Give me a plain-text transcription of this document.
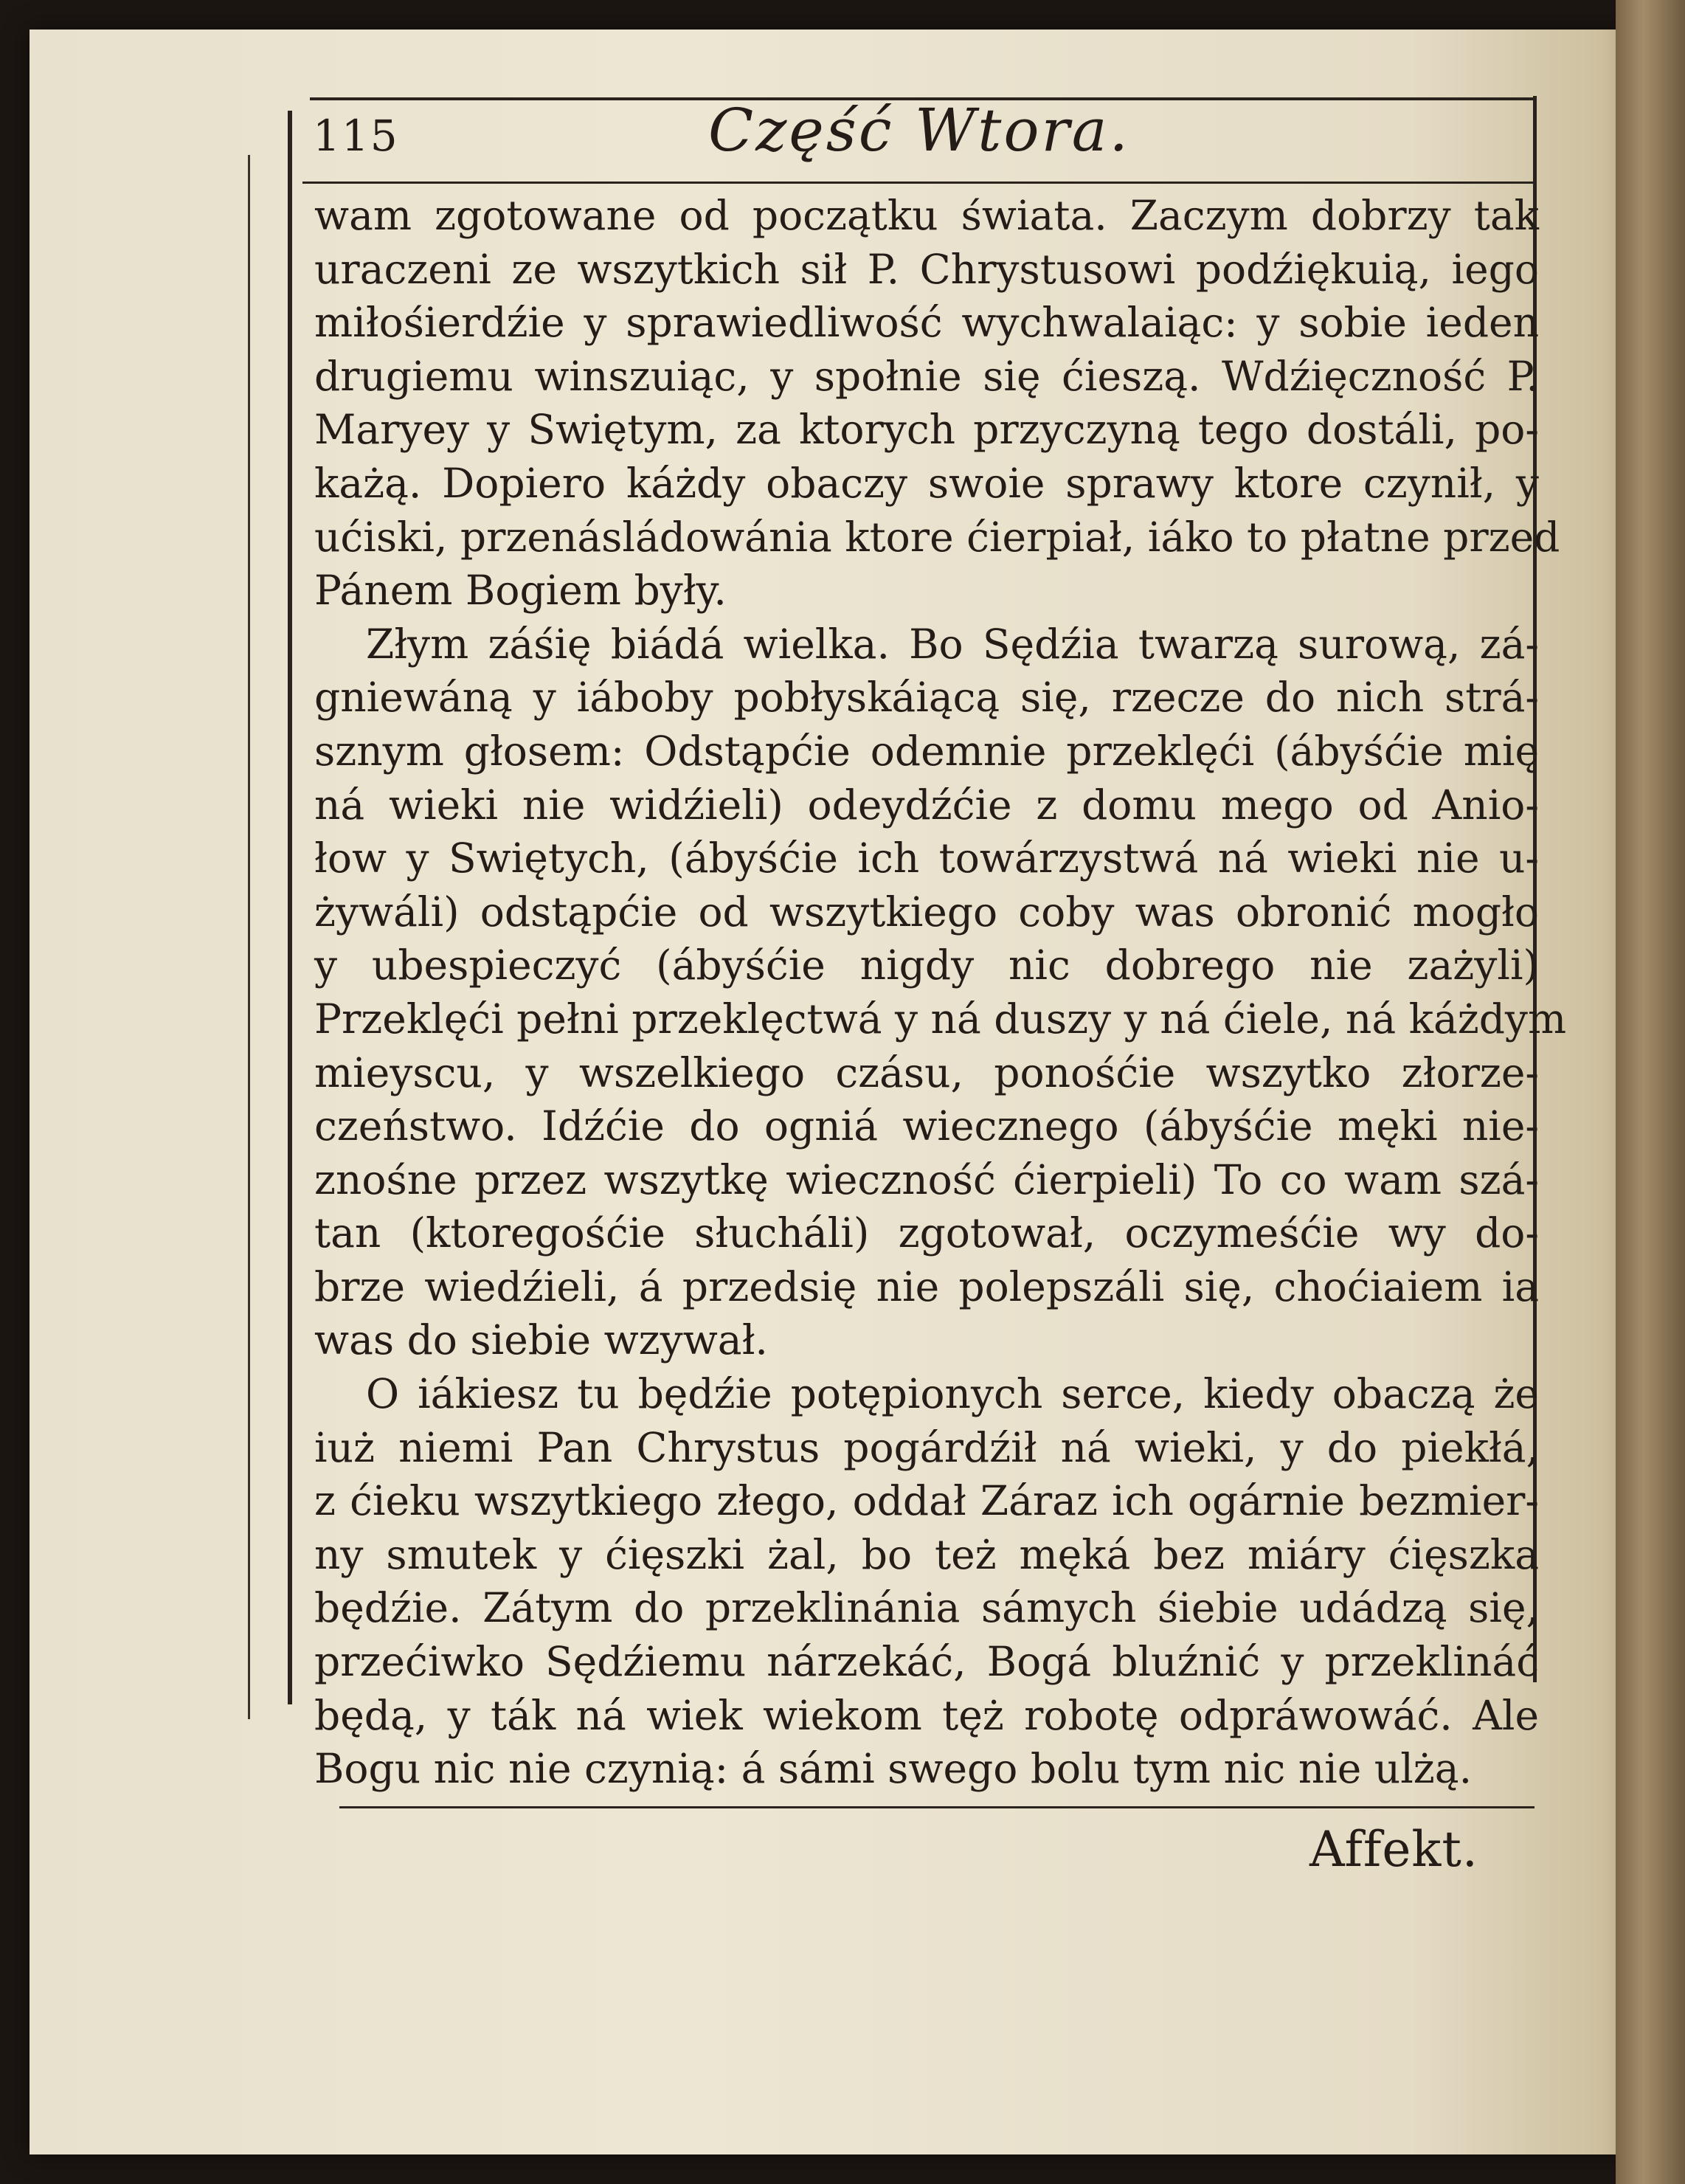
115	Część Wtora.
wam zgotowane od początku świata. Zaczym dobrzy tak
uraczeni ze wszytkich sił P. Chrystusowi podźiękuią, iego
miłośierdźie y sprawiedliwość wychwalaiąc: y sobie ieden
drugiemu winszuiąc, y społnie się ćieszą. Wdźięczność P.
Maryey y Swiętym, za ktorych przyczyną tego dostáli, po-
każą. Dopiero káżdy obaczy swoie sprawy ktore czynił, y
ućiski, przenásládowánia ktore ćierpiał, iáko to płatne przed
Pánem Bogiem były.
Złym záśię biádá wielka. Bo Sędźia twarzą surową, zá-
gniewáną y iáboby pobłyskáiącą się, rzecze do nich strá-
sznym głosem: Odstąpćie odemnie przeklęći (ábyśćie mię
ná wieki nie widźieli) odeydźćie z domu mego od Anio-
łow y Swiętych, (ábyśćie ich towárzystwá ná wieki nie u-
żywáli) odstąpćie od wszytkiego coby was obronić mogło
y ubespieczyć (ábyśćie nigdy nic dobrego nie zażyli)
Przeklęći pełni przeklęctwá y ná duszy y ná ćiele, ná káżdym
mieyscu, y wszelkiego czásu, ponośćie wszytko złorze-
czeństwo. Idźćie do ogniá wiecznego (ábyśćie męki nie-
znośne przez wszytkę wieczność ćierpieli) To co wam szá-
tan (ktoregośćie słucháli) zgotował, oczymeśćie wy do-
brze wiedźieli, á przedsię nie polepszáli się, choćiaiem ia
was do siebie wzywał.
O iákiesz tu będźie potępionych serce, kiedy obaczą że
iuż niemi Pan Chrystus pogárdźił ná wieki, y do piekłá,
z ćieku wszytkiego złego, oddał Záraz ich ogárnie bezmier-
ny smutek y ćięszki żal, bo też męká bez miáry ćięszka
będźie. Zátym do przeklinánia sámych śiebie udádzą się,
przećiwko Sędźiemu nárzekáć, Bogá bluźnić y przeklináć
będą, y ták ná wiek wiekom tęż robotę odpráwowáć. Ale
Bogu nic nie czynią: á sámi swego bolu tym nic nie ulżą.
Affekt.
